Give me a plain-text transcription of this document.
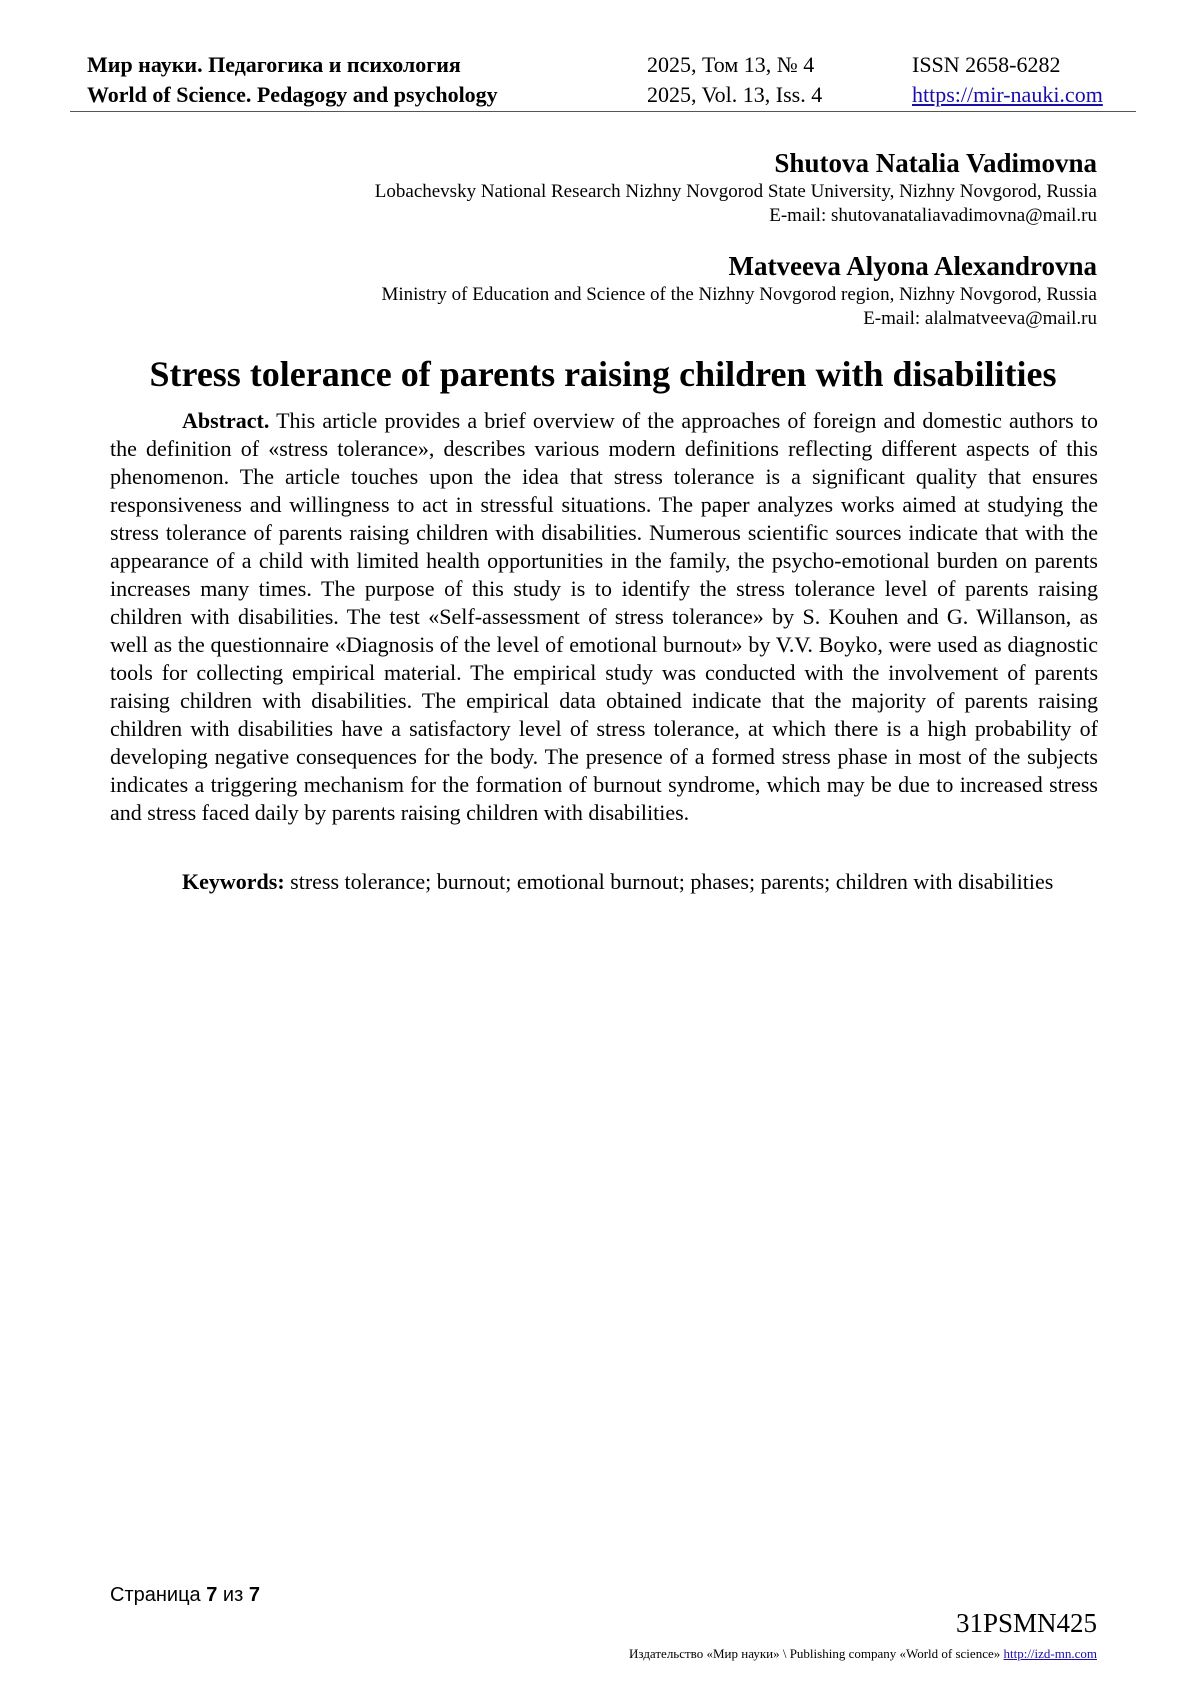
Мир науки. Педагогика и психология
World of Science. Pedagogy and psychology
2025, Том 13, № 4
2025, Vol. 13, Iss. 4
ISSN 2658-6282
https://mir-nauki.com
Shutova Natalia Vadimovna
Lobachevsky National Research Nizhny Novgorod State University, Nizhny Novgorod, Russia
E-mail: shutovanataliavadimovna@mail.ru
Matveeva Alyona Alexandrovna
Ministry of Education and Science of the Nizhny Novgorod region, Nizhny Novgorod, Russia
E-mail: alalmatveeva@mail.ru
Stress tolerance of parents raising children with disabilities
Abstract. This article provides a brief overview of the approaches of foreign and domestic authors to the definition of «stress tolerance», describes various modern definitions reflecting different aspects of this phenomenon. The article touches upon the idea that stress tolerance is a significant quality that ensures responsiveness and willingness to act in stressful situations. The paper analyzes works aimed at studying the stress tolerance of parents raising children with disabilities. Numerous scientific sources indicate that with the appearance of a child with limited health opportunities in the family, the psycho-emotional burden on parents increases many times. The purpose of this study is to identify the stress tolerance level of parents raising children with disabilities. The test «Self-assessment of stress tolerance» by S. Kouhen and G. Willanson, as well as the questionnaire «Diagnosis of the level of emotional burnout» by V.V. Boyko, were used as diagnostic tools for collecting empirical material. The empirical study was conducted with the involvement of parents raising children with disabilities. The empirical data obtained indicate that the majority of parents raising children with disabilities have a satisfactory level of stress tolerance, at which there is a high probability of developing negative consequences for the body. The presence of a formed stress phase in most of the subjects indicates a triggering mechanism for the formation of burnout syndrome, which may be due to increased stress and stress faced daily by parents raising children with disabilities.
Keywords: stress tolerance; burnout; emotional burnout; phases; parents; children with disabilities
Страница 7 из 7
31PSMN425
Издательство «Мир науки» \ Publishing company «World of science» http://izd-mn.com
